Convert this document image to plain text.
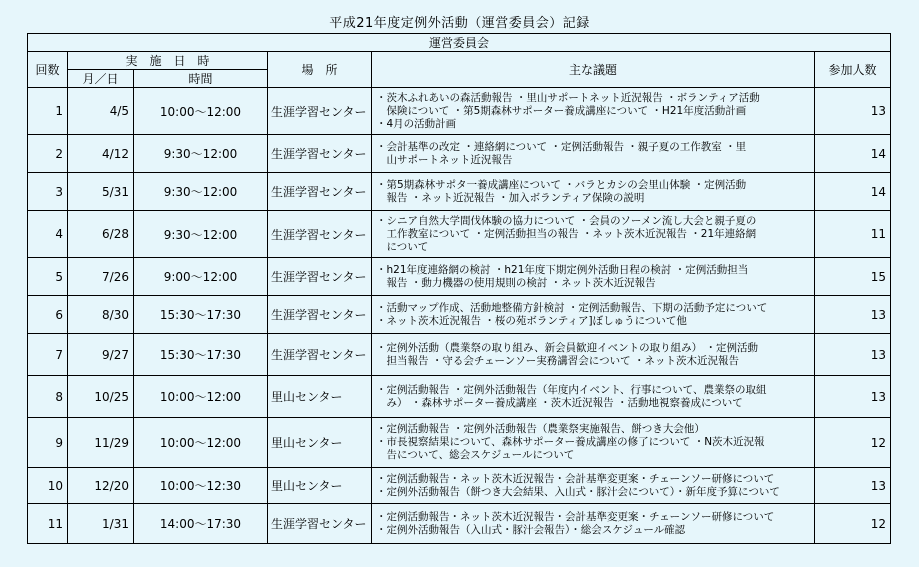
平成21年度定例外活動（運営委員会）記録
運営委員会					
回数	実　施　日　時		場　所	主な議題	参加人数
	月／日	時間			
1	4/5	10:00～12:00	生涯学習センター	・茨木ふれあいの森活動報告 ・里山サポートネット近況報告 ・ボランティア活動
　保険について ・第5期森林サポーター養成講座について ・H21年度活動計画
・4月の活動計画	13
2	4/12	9:30～12:00	生涯学習センター	・会計基準の改定 ・連絡網について ・定例活動報告 ・親子夏の工作教室 ・里
　山サポートネット近況報告	14
3	5/31	9:30～12:00	生涯学習センター	・第5期森林サポタ一養成講座について ・バラとカシの会里山体験 ・定例活動
　報告 ・ネット近況報告 ・加入ボランティア保険の説明	14
4	6/28	9:30～12:00	生涯学習センター	・シニア自然大学間伐体験の協力について ・会員のソーメン流し大会と親子夏の
　工作教室について ・定例活動担当の報告 ・ネット茨木近況報告 ・21年連絡網
　について	11
5	7/26	9:00～12:00	生涯学習センター	・h21年度連絡網の検討 ・h21年度下期定例外活動日程の検討 ・定例活動担当
　報告 ・動力機器の使用規則の検討 ・ネット茨木近況報告	15
6	8/30	15:30～17:30	生涯学習センター	・活動マップ作成、活動地整備方針検討 ・定例活動報告、下期の活動予定について
・ネット茨木近況報告 ・桜の苑ボランティア]ぼしゅうについて他	13
7	9/27	15:30～17:30	生涯学習センター	・定例外活動（農業祭の取り組み、新会員歓迎イベントの取り組み） ・定例活動
　担当報告 ・守る会チェーンソー実務講習会について ・ネット茨木近況報告	13
8	10/25	10:00～12:00	里山センター	・定例活動報告 ・定例外活動報告（年度内イベント、行事について、農業祭の取組
　み） ・森林サポーター養成講座 ・茨木近況報告 ・活動地視察養成について	13
9	11/29	10:00～12:00	里山センター	・定例活動報告 ・定例外活動報告（農業祭実施報告、餅つき大会他）
・市長視察結果について、森林サポーター養成講座の修了について ・N茨木近況報
　告について、総会スケジュールについて	12
10	12/20	10:00～12:30	里山センター	・定例活動報告・ネット茨木近況報告・会計基準変更案・チェーンソー研修について
・定例外活動報告（餅つき大会結果、入山式・豚汁会について）・新年度予算について	13
11	1/31	14:00～17:30	生涯学習センター	・定例活動報告・ネット茨木近況報告・会計基準変更案・チェーンソー研修について
・定例外活動報告（入山式・豚汁会報告）・総会スケジュール確認	12
